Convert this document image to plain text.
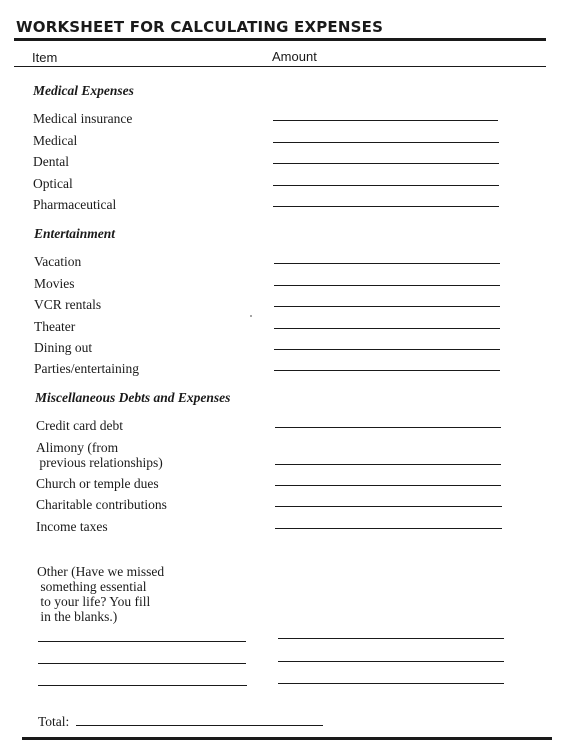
WORKSHEET FOR CALCULATING EXPENSES
Item	Amount
Medical Expenses
Medical insurance
Medical
Dental
Optical
Pharmaceutical
Entertainment
Vacation
Movies
VCR rentals
Theater
Dining out
Parties/entertaining
Miscellaneous Debts and Expenses
Credit card debt
Alimony (from
previous relationships)
Church or temple dues
Charitable contributions
Income taxes
Other (Have we missed
something essential
to your life? You fill
in the blanks.)
Total:
